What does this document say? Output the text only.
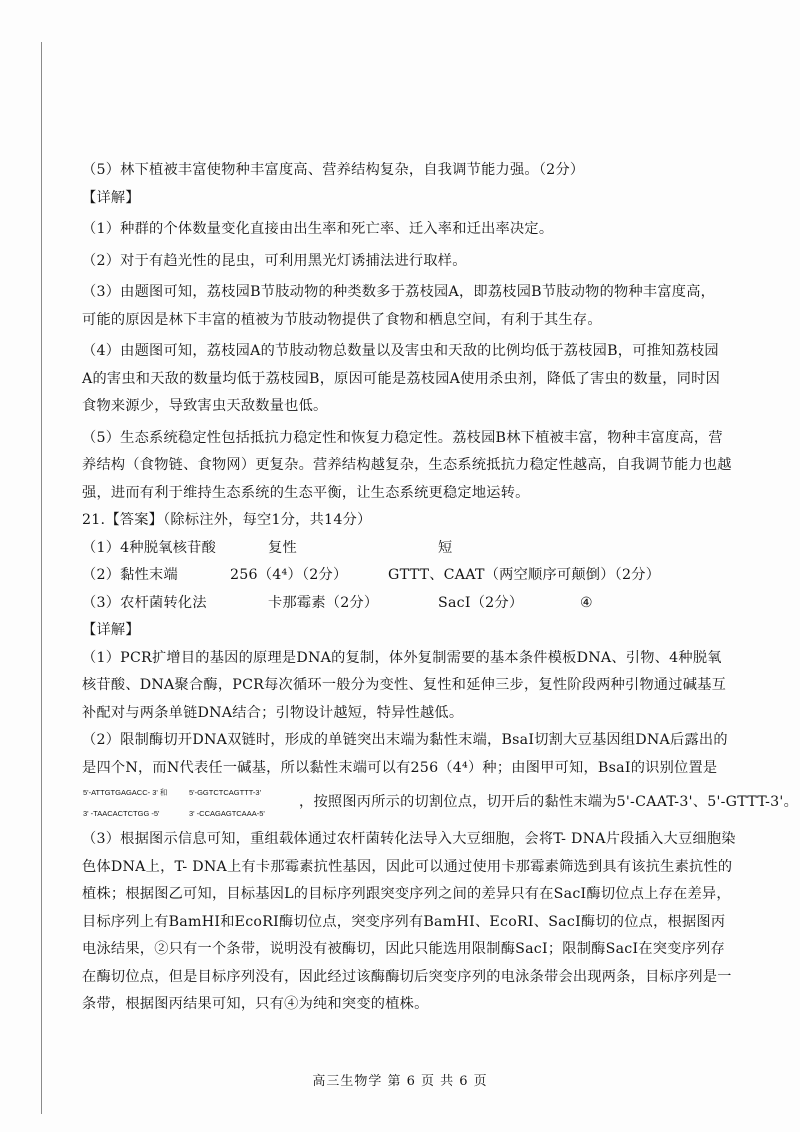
（5）林下植被丰富使物种丰富度高、营养结构复杂，自我调节能力强。（2分）

【详解】

（1）种群的个体数量变化直接由出生率和死亡率、迁入率和迁出率决定。

（2）对于有趋光性的昆虫，可利用黑光灯诱捕法进行取样。

（3）由题图可知，荔枝园B节肢动物的种类数多于荔枝园A，即荔枝园B节肢动物的物种丰富度高，

可能的原因是林下丰富的植被为节肢动物提供了食物和栖息空间，有利于其生存。

（4）由题图可知，荔枝园A的节肢动物总数量以及害虫和天敌的比例均低于荔枝园B，可推知荔枝园

A的害虫和天敌的数量均低于荔枝园B，原因可能是荔枝园A使用杀虫剂，降低了害虫的数量，同时因

食物来源少，导致害虫天敌数量也低。

（5）生态系统稳定性包括抵抗力稳定性和恢复力稳定性。荔枝园B林下植被丰富，物种丰富度高，营

养结构（食物链、食物网）更复杂。营养结构越复杂，生态系统抵抗力稳定性越高，自我调节能力也越

强，进而有利于维持生态系统的生态平衡，让生态系统更稳定地运转。

21.【答案】（除标注外，每空1分，共14分）

（1）4种脱氧核苷酸	复性	短
（2）黏性末端	256（4⁴）（2分）	GTTT、CAAT（两空顺序可颠倒）（2分）
（3）农杆菌转化法	卡那霉素（2分）	SacⅠ（2分）	④

【详解】

（1）PCR扩增目的基因的原理是DNA的复制，体外复制需要的基本条件模板DNA、引物、4种脱氧

核苷酸、DNA聚合酶，PCR每次循环一般分为变性、复性和延伸三步，复性阶段两种引物通过碱基互

补配对与两条单链DNA结合；引物设计越短，特异性越低。

（2）限制酶切开DNA双链时，形成的单链突出末端为黏性末端，BsaⅠ切割大豆基因组DNA后露出的

是四个N，而N代表任一碱基，所以黏性末端可以有256（4⁴）种；由图甲可知，BsaⅠ的识别位置是

5'-ATTGTGAGACC- 3' 和	5'-GGTCTCAGTTT-3'
3' -TAACACTCTGG -5'	3' -CCAGAGTCAAA-5'
，按照图丙所示的切割位点，切开后的黏性末端为5'-CAAT-3'、5'-GTTT-3'。

（3）根据图示信息可知，重组载体通过农杆菌转化法导入大豆细胞，会将T- DNA片段插入大豆细胞染

色体DNA上，T- DNA上有卡那霉素抗性基因，因此可以通过使用卡那霉素筛选到具有该抗生素抗性的

植株；根据图乙可知，目标基因L的目标序列跟突变序列之间的差异只有在SacⅠ酶切位点上存在差异，

目标序列上有BamHⅠ和EcoRⅠ酶切位点，突变序列有BamHⅠ、EcoRⅠ、SacⅠ酶切的位点，根据图丙

电泳结果，②只有一个条带，说明没有被酶切，因此只能选用限制酶SacⅠ；限制酶SacⅠ在突变序列存

在酶切位点，但是目标序列没有，因此经过该酶酶切后突变序列的电泳条带会出现两条，目标序列是一

条带，根据图丙结果可知，只有④为纯和突变的植株。

高三生物学 第 6 页 共 6 页
